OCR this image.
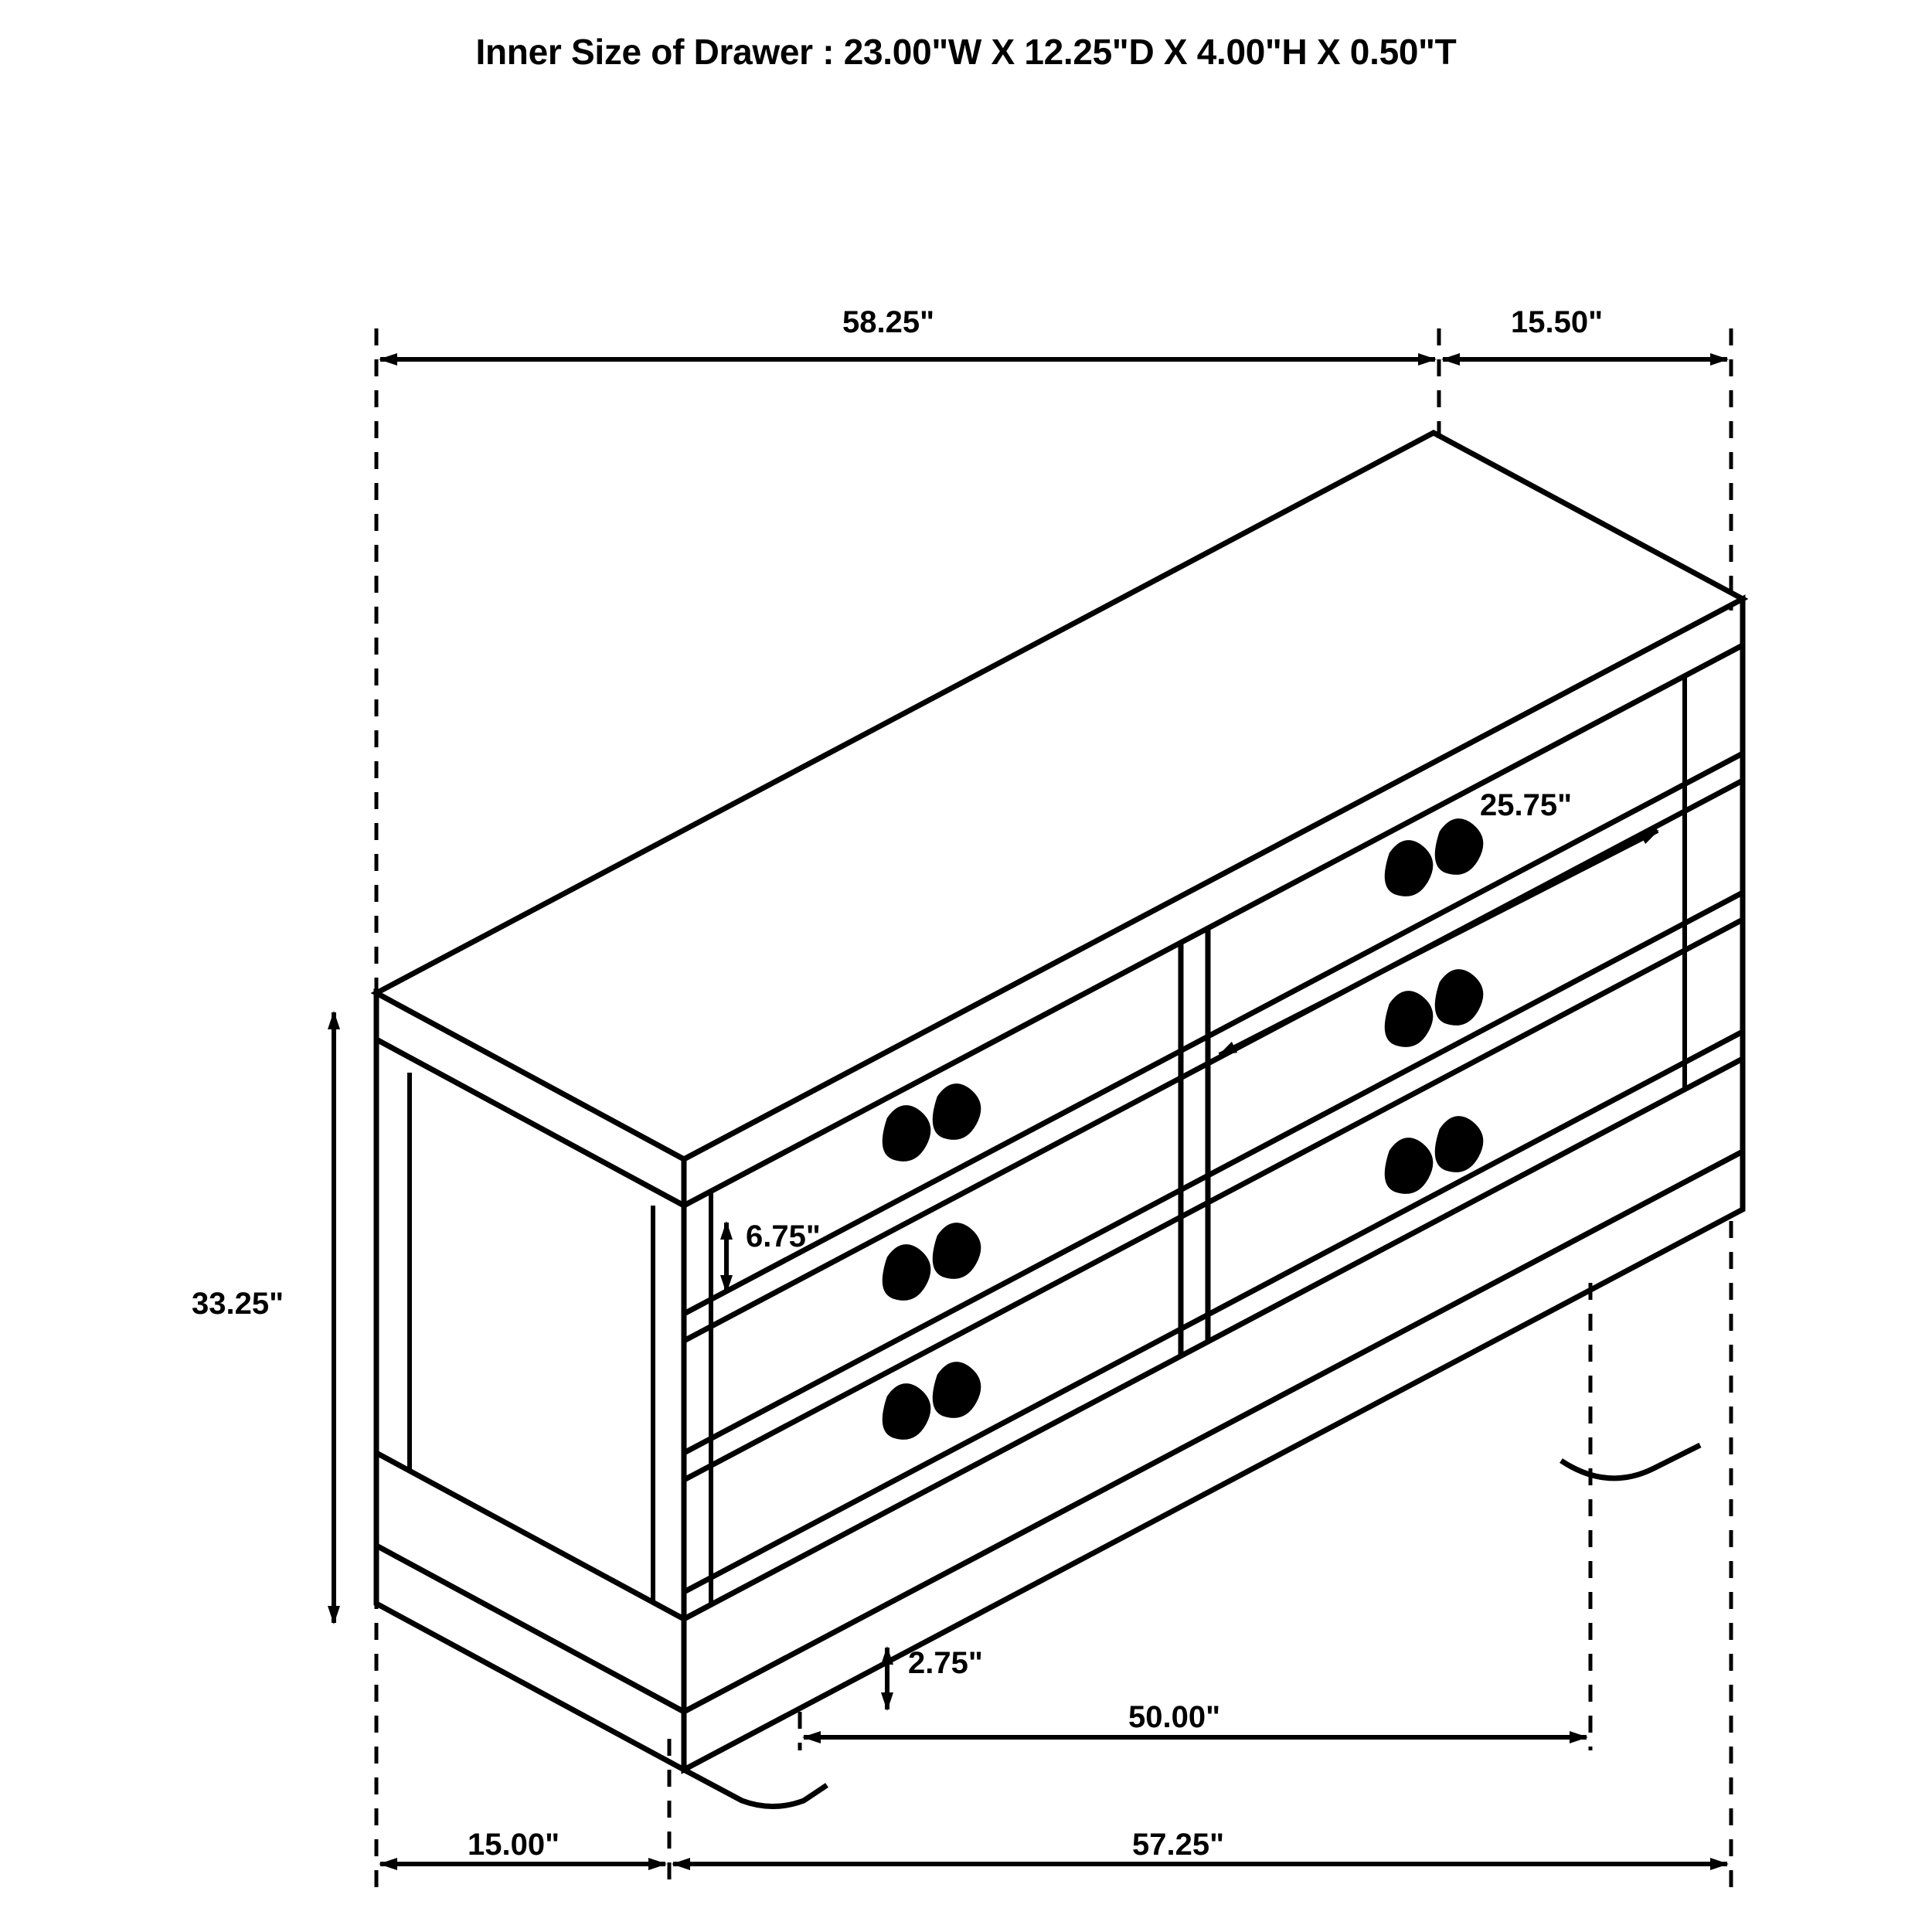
Inner Size of Drawer : 23.00"W X 12.25"D X 4.00"H X 0.50"T
58.25"	15.50"
25.75"
6.75"
33.25"
2.75"
50.00"
15.00"	57.25"
